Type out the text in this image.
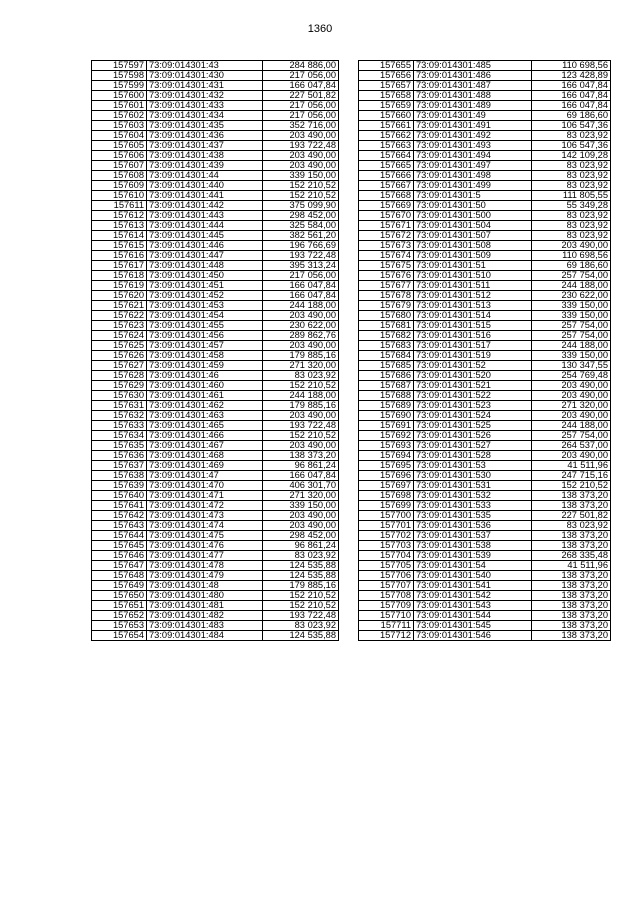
1360
157597	73:09:014301:43	284 886,00
157598	73:09:014301:430	217 056,00
157599	73:09:014301:431	166 047,84
157600	73:09:014301:432	227 501,82
157601	73:09:014301:433	217 056,00
157602	73:09:014301:434	217 056,00
157603	73:09:014301:435	352 716,00
157604	73:09:014301:436	203 490,00
157605	73:09:014301:437	193 722,48
157606	73:09:014301:438	203 490,00
157607	73:09:014301:439	203 490,00
157608	73:09:014301:44	339 150,00
157609	73:09:014301:440	152 210,52
157610	73:09:014301:441	152 210,52
157611	73:09:014301:442	375 099,90
157612	73:09:014301:443	298 452,00
157613	73:09:014301:444	325 584,00
157614	73:09:014301:445	382 561,20
157615	73:09:014301:446	196 766,69
157616	73:09:014301:447	193 722,48
157617	73:09:014301:448	395 313,24
157618	73:09:014301:450	217 056,00
157619	73:09:014301:451	166 047,84
157620	73:09:014301:452	166 047,84
157621	73:09:014301:453	244 188,00
157622	73:09:014301:454	203 490,00
157623	73:09:014301:455	230 622,00
157624	73:09:014301:456	289 862,76
157625	73:09:014301:457	203 490,00
157626	73:09:014301:458	179 885,16
157627	73:09:014301:459	271 320,00
157628	73:09:014301:46	83 023,92
157629	73:09:014301:460	152 210,52
157630	73:09:014301:461	244 188,00
157631	73:09:014301:462	179 885,16
157632	73:09:014301:463	203 490,00
157633	73:09:014301:465	193 722,48
157634	73:09:014301:466	152 210,52
157635	73:09:014301:467	203 490,00
157636	73:09:014301:468	138 373,20
157637	73:09:014301:469	96 861,24
157638	73:09:014301:47	166 047,84
157639	73:09:014301:470	406 301,70
157640	73:09:014301:471	271 320,00
157641	73:09:014301:472	339 150,00
157642	73:09:014301:473	203 490,00
157643	73:09:014301:474	203 490,00
157644	73:09:014301:475	298 452,00
157645	73:09:014301:476	96 861,24
157646	73:09:014301:477	83 023,92
157647	73:09:014301:478	124 535,88
157648	73:09:014301:479	124 535,88
157649	73:09:014301:48	179 885,16
157650	73:09:014301:480	152 210,52
157651	73:09:014301:481	152 210,52
157652	73:09:014301:482	193 722,48
157653	73:09:014301:483	83 023,92
157654	73:09:014301:484	124 535,88
157655	73:09:014301:485	110 698,56
157656	73:09:014301:486	123 428,89
157657	73:09:014301:487	166 047,84
157658	73:09:014301:488	166 047,84
157659	73:09:014301:489	166 047,84
157660	73:09:014301:49	69 186,60
157661	73:09:014301:491	106 547,36
157662	73:09:014301:492	83 023,92
157663	73:09:014301:493	106 547,36
157664	73:09:014301:494	142 109,28
157665	73:09:014301:497	83 023,92
157666	73:09:014301:498	83 023,92
157667	73:09:014301:499	83 023,92
157668	73:09:014301:5	111 805,55
157669	73:09:014301:50	55 349,28
157670	73:09:014301:500	83 023,92
157671	73:09:014301:504	83 023,92
157672	73:09:014301:507	83 023,92
157673	73:09:014301:508	203 490,00
157674	73:09:014301:509	110 698,56
157675	73:09:014301:51	69 186,60
157676	73:09:014301:510	257 754,00
157677	73:09:014301:511	244 188,00
157678	73:09:014301:512	230 622,00
157679	73:09:014301:513	339 150,00
157680	73:09:014301:514	339 150,00
157681	73:09:014301:515	257 754,00
157682	73:09:014301:516	257 754,00
157683	73:09:014301:517	244 188,00
157684	73:09:014301:519	339 150,00
157685	73:09:014301:52	130 347,55
157686	73:09:014301:520	254 769,48
157687	73:09:014301:521	203 490,00
157688	73:09:014301:522	203 490,00
157689	73:09:014301:523	271 320,00
157690	73:09:014301:524	203 490,00
157691	73:09:014301:525	244 188,00
157692	73:09:014301:526	257 754,00
157693	73:09:014301:527	264 537,00
157694	73:09:014301:528	203 490,00
157695	73:09:014301:53	41 511,96
157696	73:09:014301:530	247 715,16
157697	73:09:014301:531	152 210,52
157698	73:09:014301:532	138 373,20
157699	73:09:014301:533	138 373,20
157700	73:09:014301:535	227 501,82
157701	73:09:014301:536	83 023,92
157702	73:09:014301:537	138 373,20
157703	73:09:014301:538	138 373,20
157704	73:09:014301:539	268 335,48
157705	73:09:014301:54	41 511,96
157706	73:09:014301:540	138 373,20
157707	73:09:014301:541	138 373,20
157708	73:09:014301:542	138 373,20
157709	73:09:014301:543	138 373,20
157710	73:09:014301:544	138 373,20
157711	73:09:014301:545	138 373,20
157712	73:09:014301:546	138 373,20
